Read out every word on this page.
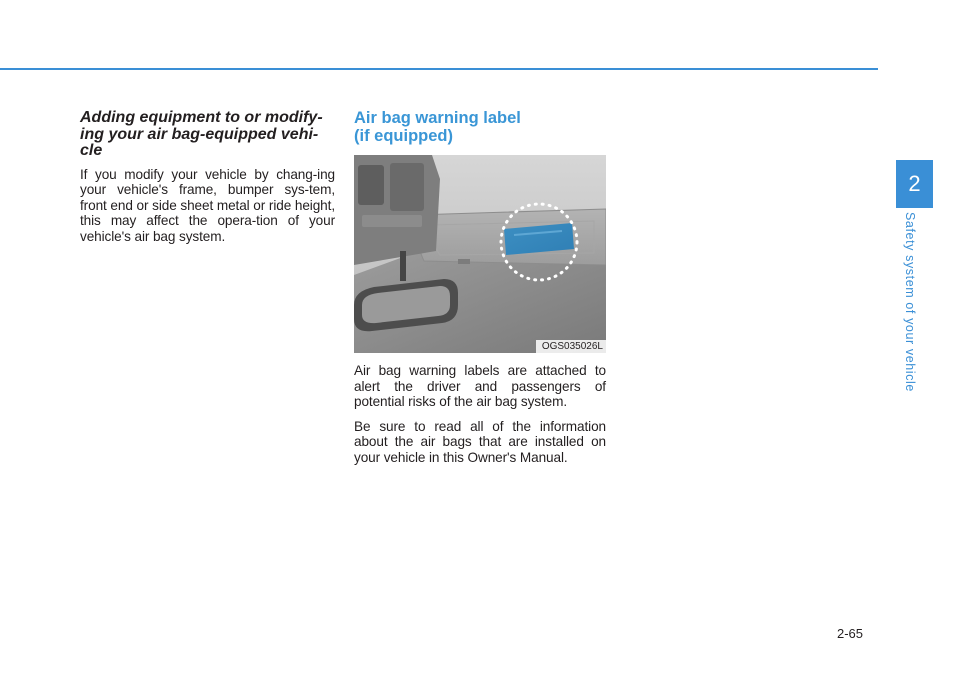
Adding equipment to or modify-ing your air bag-equipped vehi-cle

If you modify your vehicle by chang-ing your vehicle's frame, bumper sys-tem, front end or side sheet metal or ride height, this may affect the opera-tion of your vehicle's air bag system.

Air bag warning label
(if equipped)
OGS035026L

Air bag warning labels are attached to alert the driver and passengers of potential risks of the air bag system.

Be sure to read all of the information about the air bags that are installed on your vehicle in this Owner's Manual.

2
Safety system of your vehicle
2-65
